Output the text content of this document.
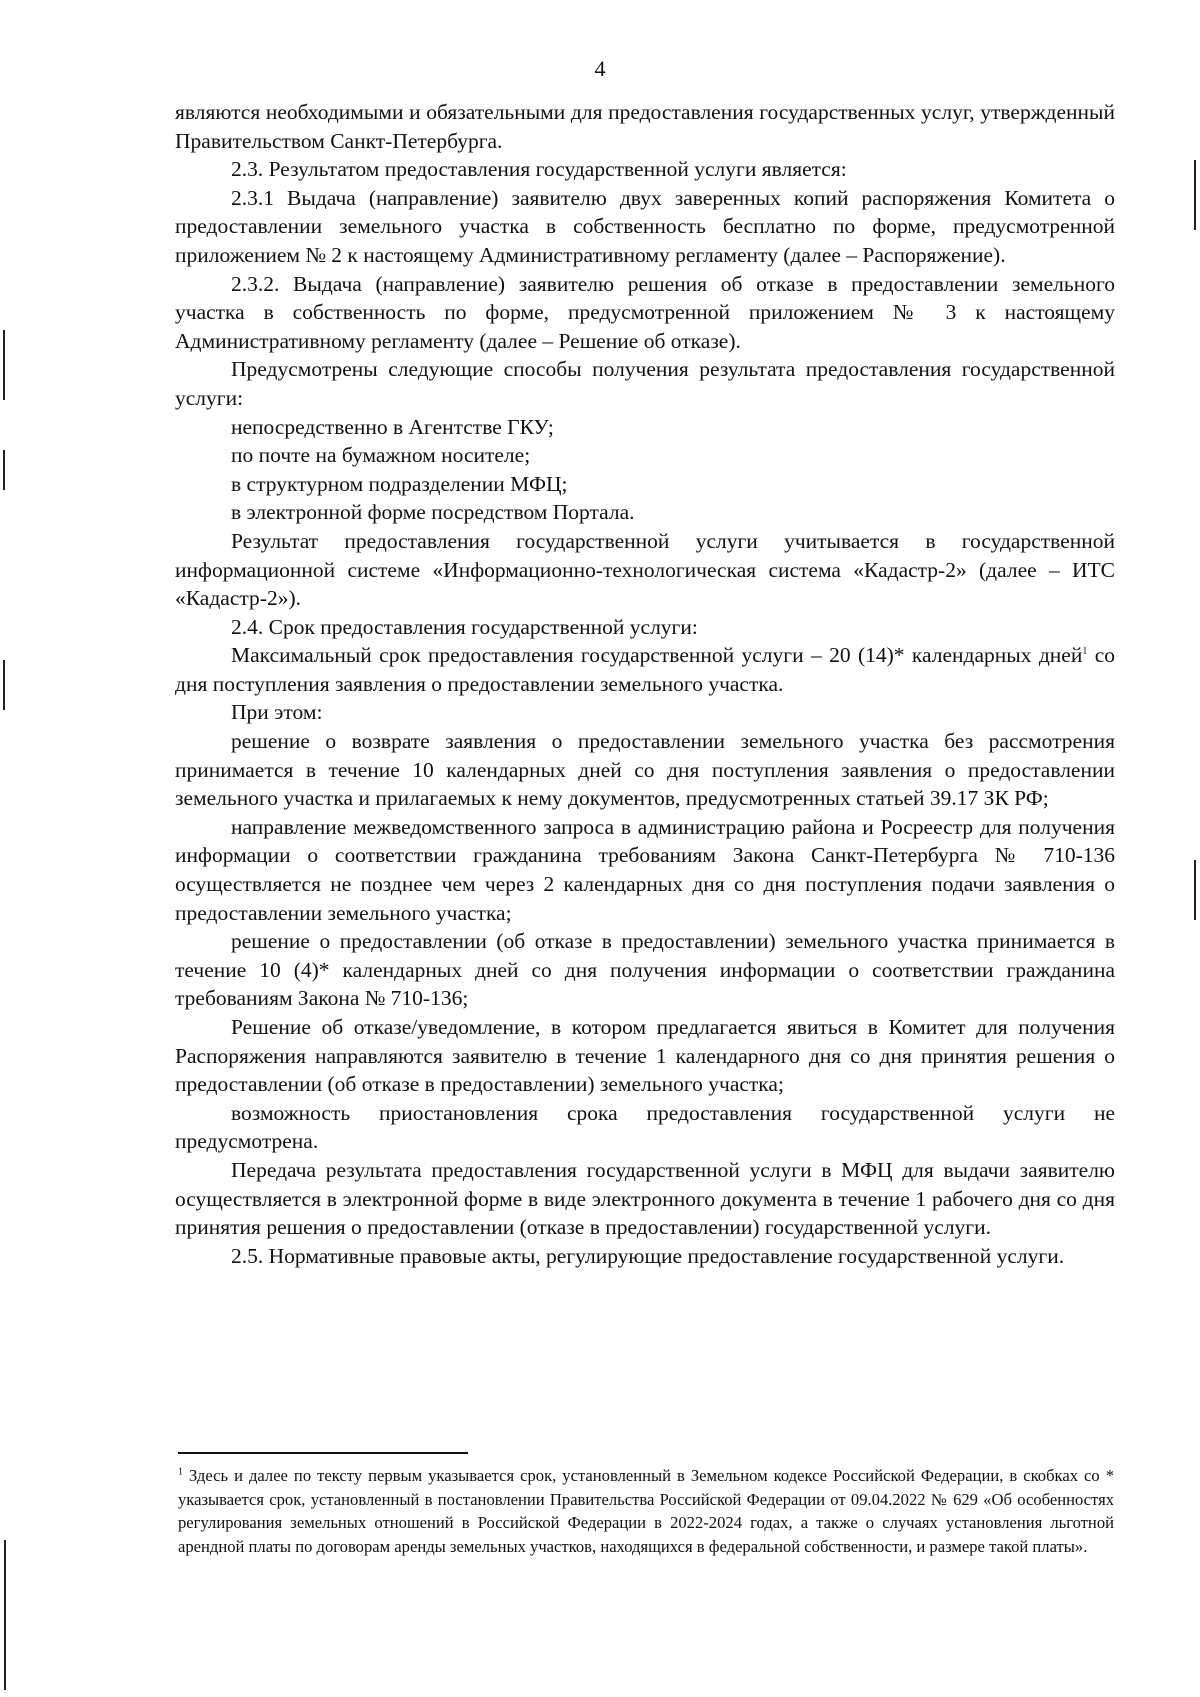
4

являются необходимыми и обязательными для предоставления государственных услуг, утвержденный Правительством Санкт-Петербурга.

2.3. Результатом предоставления государственной услуги является:

2.3.1 Выдача (направление) заявителю двух заверенных копий распоряжения Комитета о предоставлении земельного участка в собственность бесплатно по форме, предусмотренной приложением № 2 к настоящему Административному регламенту (далее – Распоряжение).

2.3.2. Выдача (направление) заявителю решения об отказе в предоставлении земельного участка в собственность по форме, предусмотренной приложением № 3 к настоящему Административному регламенту (далее – Решение об отказе).

Предусмотрены следующие способы получения результата предоставления государственной услуги:

непосредственно в Агентстве ГКУ;

по почте на бумажном носителе;

в структурном подразделении МФЦ;

в электронной форме посредством Портала.

Результат предоставления государственной услуги учитывается в государственной информационной системе «Информационно-технологическая система «Кадастр-2» (далее – ИТС «Кадастр-2»).

2.4. Срок предоставления государственной услуги:

Максимальный срок предоставления государственной услуги – 20 (14)* календарных дней$^1$ со дня поступления заявления о предоставлении земельного участка.

При этом:

решение о возврате заявления о предоставлении земельного участка без рассмотрения принимается в течение 10 календарных дней со дня поступления заявления о предоставлении земельного участка и прилагаемых к нему документов, предусмотренных статьей 39.17 ЗК РФ;

направление межведомственного запроса в администрацию района и Росреестр для получения информации о соответствии гражданина требованиям Закона Санкт-Петербурга № 710-136 осуществляется не позднее чем через 2 календарных дня со дня поступления подачи заявления о предоставлении земельного участка;

решение о предоставлении (об отказе в предоставлении) земельного участка принимается в течение 10 (4)* календарных дней со дня получения информации о соответствии гражданина требованиям Закона № 710-136;

Решение об отказе/уведомление, в котором предлагается явиться в Комитет для получения Распоряжения направляются заявителю в течение 1 календарного дня со дня принятия решения о предоставлении (об отказе в предоставлении) земельного участка;

возможность приостановления срока предоставления государственной услуги не предусмотрена.

Передача результата предоставления государственной услуги в МФЦ для выдачи заявителю осуществляется в электронной форме в виде электронного документа в течение 1 рабочего дня со дня принятия решения о предоставлении (отказе в предоставлении) государственной услуги.

2.5. Нормативные правовые акты, регулирующие предоставление государственной услуги.

$^1$ Здесь и далее по тексту первым указывается срок, установленный в Земельном кодексе Российской Федерации, в скобках со * указывается срок, установленный в постановлении Правительства Российской Федерации от 09.04.2022 № 629 «Об особенностях регулирования земельных отношений в Российской Федерации в 2022-2024 годах, а также о случаях установления льготной арендной платы по договорам аренды земельных участков, находящихся в федеральной собственности, и размере такой платы».
